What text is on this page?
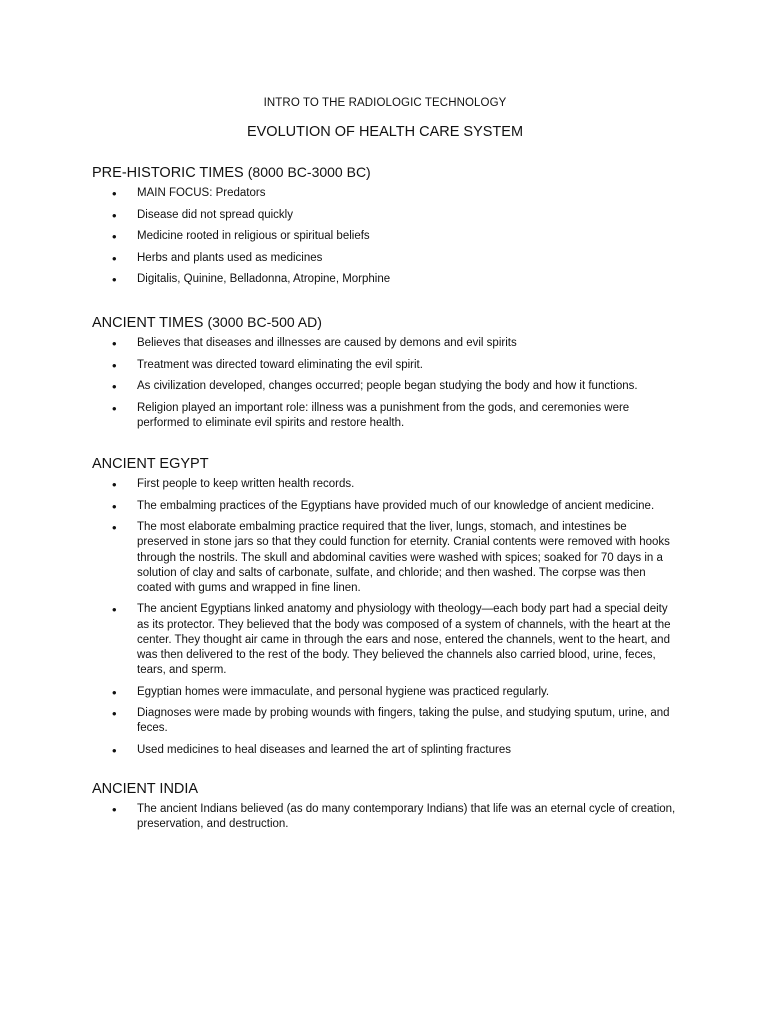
INTRO TO THE RADIOLOGIC TECHNOLOGY

EVOLUTION OF HEALTH CARE SYSTEM

PRE-HISTORIC TIMES (8000 BC-3000 BC)
• MAIN FOCUS: Predators
• Disease did not spread quickly
• Medicine rooted in religious or spiritual beliefs
• Herbs and plants used as medicines
• Digitalis, Quinine, Belladonna, Atropine, Morphine
ANCIENT TIMES (3000 BC-500 AD)
• Believes that diseases and illnesses are caused by demons and evil spirits
• Treatment was directed toward eliminating the evil spirit.
• As civilization developed, changes occurred; people began studying the body and how it functions.
• Religion played an important role: illness was a punishment from the gods, and ceremonies were performed to eliminate evil spirits and restore health.
ANCIENT EGYPT
• First people to keep written health records.
• The embalming practices of the Egyptians have provided much of our knowledge of ancient medicine.
• The most elaborate embalming practice required that the liver, lungs, stomach, and intestines be preserved in stone jars so that they could function for eternity. Cranial contents were removed with hooks through the nostrils. The skull and abdominal cavities were washed with spices; soaked for 70 days in a solution of clay and salts of carbonate, sulfate, and chloride; and then washed. The corpse was then coated with gums and wrapped in fine linen.
• The ancient Egyptians linked anatomy and physiology with theology—each body part had a special deity as its protector. They believed that the body was composed of a system of channels, with the heart at the center. They thought air came in through the ears and nose, entered the channels, went to the heart, and was then delivered to the rest of the body. They believed the channels also carried blood, urine, feces, tears, and sperm.
• Egyptian homes were immaculate, and personal hygiene was practiced regularly.
• Diagnoses were made by probing wounds with fingers, taking the pulse, and studying sputum, urine, and feces.
• Used medicines to heal diseases and learned the art of splinting fractures
ANCIENT INDIA
• The ancient Indians believed (as do many contemporary Indians) that life was an eternal cycle of creation, preservation, and destruction.
